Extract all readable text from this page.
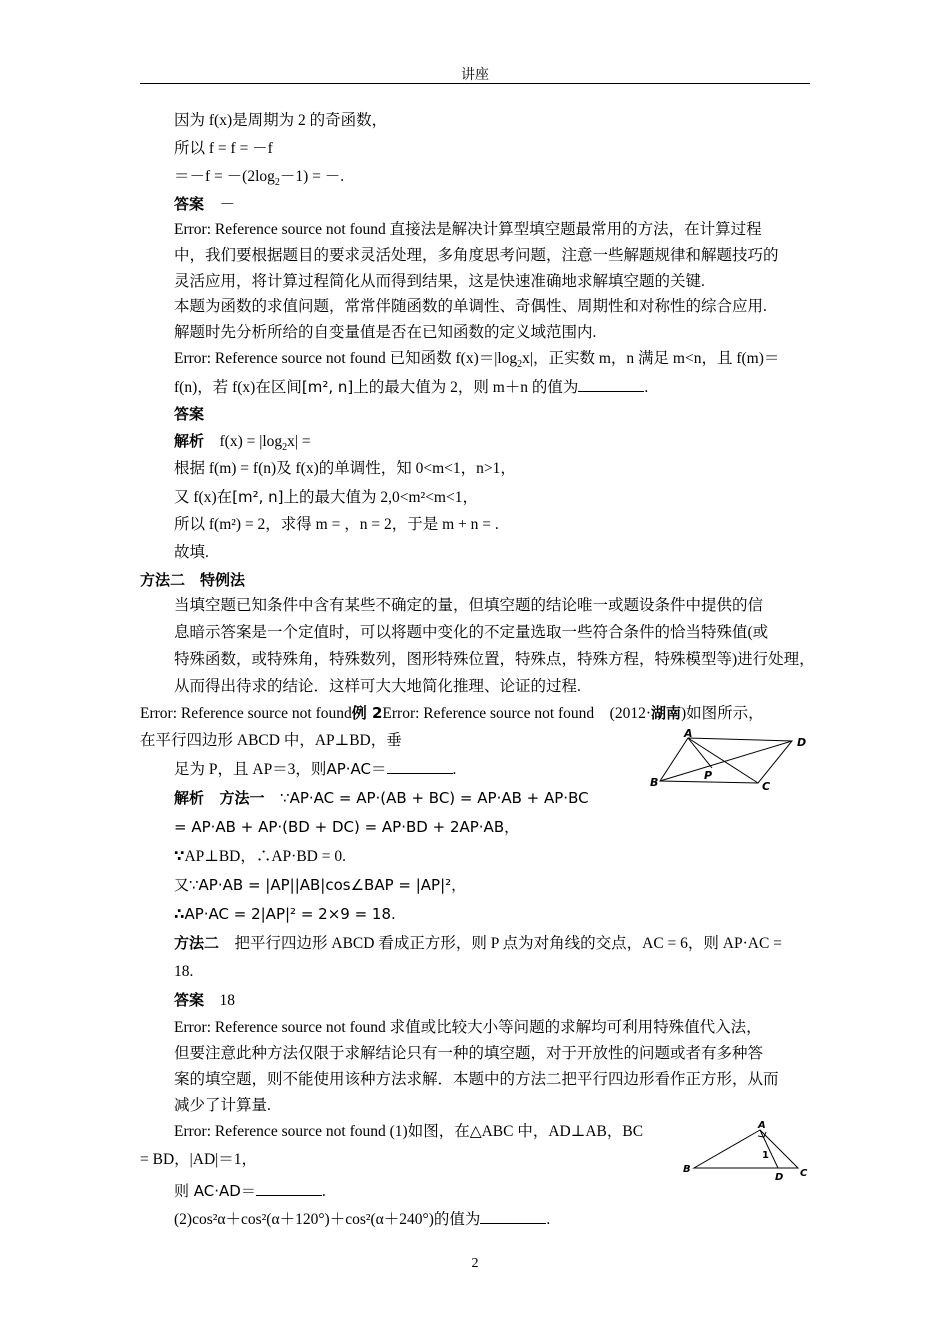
讲座
因为 f(x)是周期为 2 的奇函数，
所以 f = f = －f
$=-f = -(2\log_2-1)$ = －.
答案 －
Error: Reference source not found 直接法是解决计算型填空题最常用的方法，在计算过程
中，我们要根据题目的要求灵活处理，多角度思考问题，注意一些解题规律和解题技巧的
灵活应用，将计算过程简化从而得到结果，这是快速准确地求解填空题的关键.
本题为函数的求值问题，常常伴随函数的单调性、奇偶性、周期性和对称性的综合应用.
解题时先分析所给的自变量值是否在已知函数的定义域范围内.
Error: Reference source not found 已知函数 $f(x)=|\log_2x|$，正实数 m，n 满足 m<n，且 f(m)＝
f(n)，若 f(x)在区间[m², n]上的最大值为 2，则 m＋n 的值为	.
答案
解析 $f(x) = |\log_2x|$ =
根据 f(m) = f(n)及 f(x)的单调性，知 0<m<1，n>1，
又 f(x)在[m², n]上的最大值为 2,0<m²<m<1，
所以 f(m²) = 2，求得 m = ，n = 2，于是 m + n = .
故填.
方法二　特例法
当填空题已知条件中含有某些不确定的量，但填空题的结论唯一或题设条件中提供的信
息暗示答案是一个定值时，可以将题中变化的不定量选取一些符合条件的恰当特殊值(或
特殊函数，或特殊角，特殊数列，图形特殊位置，特殊点，特殊方程，特殊模型等)进行处理，
从而得出待求的结论．这样可大大地简化推理、论证的过程.
Error: Reference source not found例 2Error: Reference source not found　(2012·湖南)如图所示，
在平行四边形 ABCD 中，AP⊥BD，垂
足为 P，且 AP＝3，则AP·AC＝	.
解析 方法一 ∵AP·AC = AP·(AB + BC) = AP·AB + AP·BC
= AP·AB + AP·(BD + DC) = AP·BD + 2AP·AB，
∵AP⊥BD，∴AP·BD = 0.
又∵AP·AB = |AP||AB|cos∠BAP = |AP|²，
∴AP·AC = 2|AP|² = 2×9 = 18.
方法二 把平行四边形 ABCD 看成正方形，则 P 点为对角线的交点，AC = 6，则 AP·AC =
18.
答案 18
Error: Reference source not found 求值或比较大小等问题的求解均可利用特殊值代入法，
但要注意此种方法仅限于求解结论只有一种的填空题，对于开放性的问题或者有多种答
案的填空题，则不能使用该种方法求解．本题中的方法二把平行四边形看作正方形，从而
减少了计算量.
Error: Reference source not found (1)如图，在△ABC 中，AD⊥AB，BC
= BD，|AD|＝1，
则 AC·AD＝	.
(2)cos²α＋cos²(α＋120°)＋cos²(α＋240°)的值为	.
A
D
B
P
C
A
1
B
D C
2
